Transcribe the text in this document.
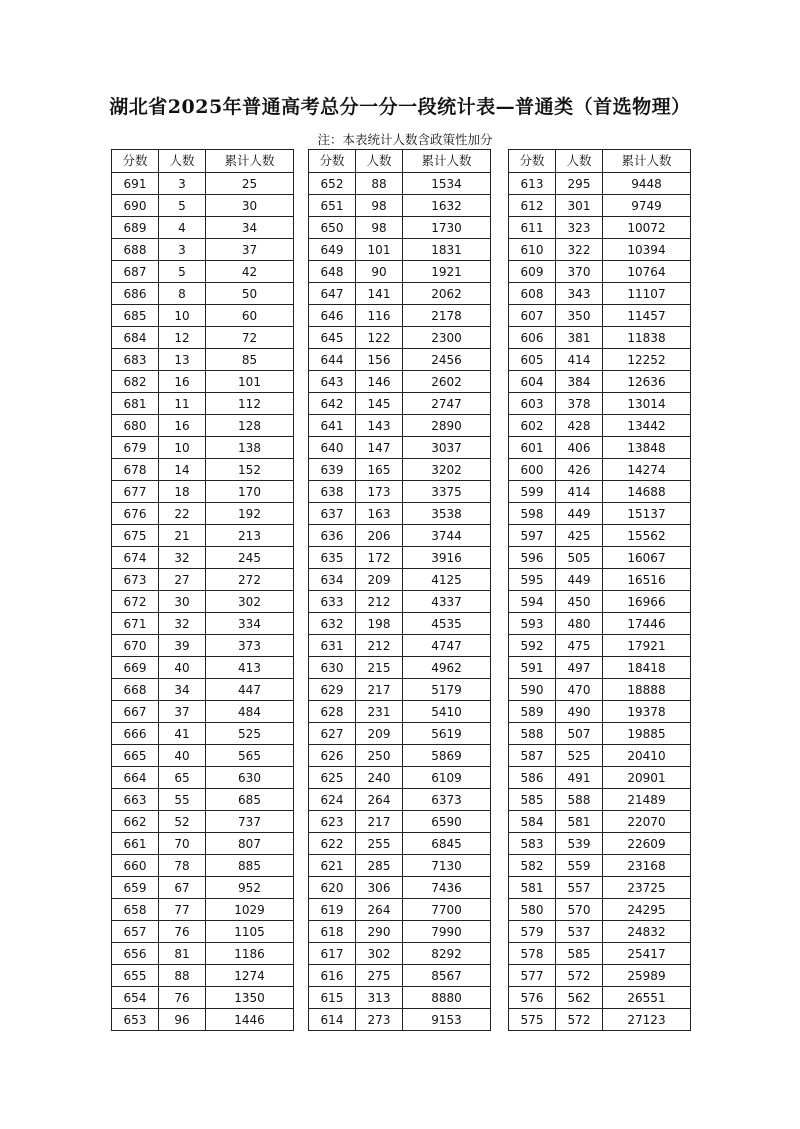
湖北省2025年普通高考总分一分一段统计表—普通类（首选物理）
注：本表统计人数含政策性加分
分数	人数	累计人数
691	3	25
690	5	30
689	4	34
688	3	37
687	5	42
686	8	50
685	10	60
684	12	72
683	13	85
682	16	101
681	11	112
680	16	128
679	10	138
678	14	152
677	18	170
676	22	192
675	21	213
674	32	245
673	27	272
672	30	302
671	32	334
670	39	373
669	40	413
668	34	447
667	37	484
666	41	525
665	40	565
664	65	630
663	55	685
662	52	737
661	70	807
660	78	885
659	67	952
658	77	1029
657	76	1105
656	81	1186
655	88	1274
654	76	1350
653	96	1446
分数	人数	累计人数
652	88	1534
651	98	1632
650	98	1730
649	101	1831
648	90	1921
647	141	2062
646	116	2178
645	122	2300
644	156	2456
643	146	2602
642	145	2747
641	143	2890
640	147	3037
639	165	3202
638	173	3375
637	163	3538
636	206	3744
635	172	3916
634	209	4125
633	212	4337
632	198	4535
631	212	4747
630	215	4962
629	217	5179
628	231	5410
627	209	5619
626	250	5869
625	240	6109
624	264	6373
623	217	6590
622	255	6845
621	285	7130
620	306	7436
619	264	7700
618	290	7990
617	302	8292
616	275	8567
615	313	8880
614	273	9153
分数	人数	累计人数
613	295	9448
612	301	9749
611	323	10072
610	322	10394
609	370	10764
608	343	11107
607	350	11457
606	381	11838
605	414	12252
604	384	12636
603	378	13014
602	428	13442
601	406	13848
600	426	14274
599	414	14688
598	449	15137
597	425	15562
596	505	16067
595	449	16516
594	450	16966
593	480	17446
592	475	17921
591	497	18418
590	470	18888
589	490	19378
588	507	19885
587	525	20410
586	491	20901
585	588	21489
584	581	22070
583	539	22609
582	559	23168
581	557	23725
580	570	24295
579	537	24832
578	585	25417
577	572	25989
576	562	26551
575	572	27123
